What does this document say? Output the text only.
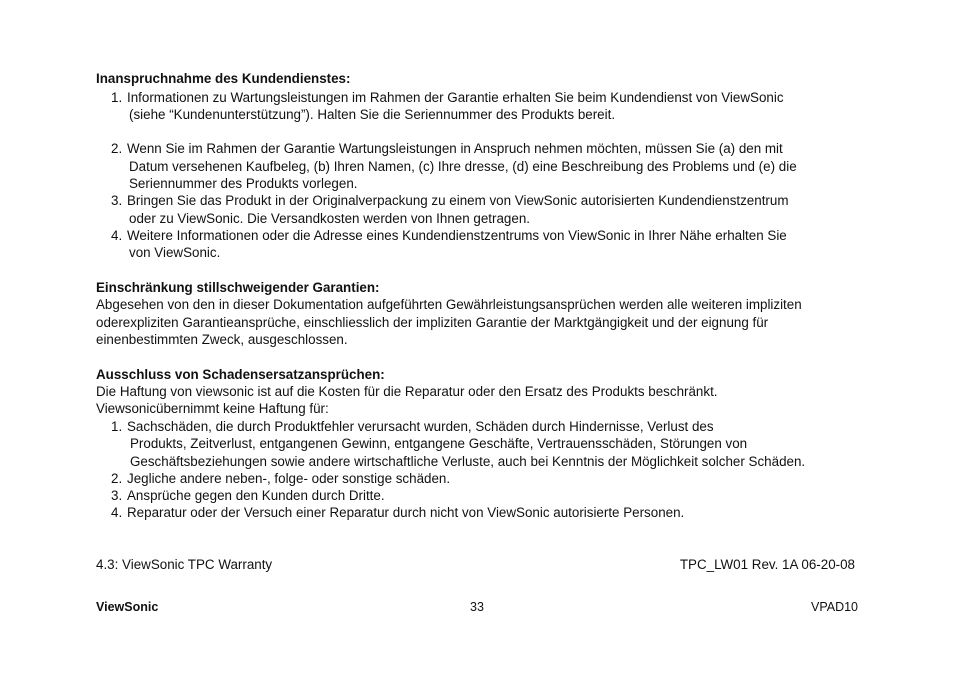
Inanspruchnahme des Kundendienstes:
1. Informationen zu Wartungsleistungen im Rahmen der Garantie erhalten Sie beim Kundendienst von ViewSonic
(siehe “Kundenunterstützung”). Halten Sie die Seriennummer des Produkts bereit.
2. Wenn Sie im Rahmen der Garantie Wartungsleistungen in Anspruch nehmen möchten, müssen Sie (a) den mit
Datum versehenen Kaufbeleg, (b) Ihren Namen, (c) Ihre dresse, (d) eine Beschreibung des Problems und (e) die
Seriennummer des Produkts vorlegen.
3. Bringen Sie das Produkt in der Originalverpackung zu einem von ViewSonic autorisierten Kundendienstzentrum
oder zu ViewSonic. Die Versandkosten werden von Ihnen getragen.
4. Weitere Informationen oder die Adresse eines Kundendienstzentrums von ViewSonic in Ihrer Nähe erhalten Sie
von ViewSonic.
Einschränkung stillschweigender Garantien:
Abgesehen von den in dieser Dokumentation aufgeführten Gewährleistungsansprüchen werden alle weiteren impliziten
oderexpliziten Garantieansprüche, einschliesslich der impliziten Garantie der Marktgängigkeit und der eignung für
einenbestimmten Zweck, ausgeschlossen.
Ausschluss von Schadensersatzansprüchen:
Die Haftung von viewsonic ist auf die Kosten für die Reparatur oder den Ersatz des Produkts beschränkt.
Viewsonicübernimmt keine Haftung für:
1. Sachschäden, die durch Produktfehler verursacht wurden, Schäden durch Hindernisse, Verlust des
Produkts, Zeitverlust, entgangenen Gewinn, entgangene Geschäfte, Vertrauensschäden, Störungen von
Geschäftsbeziehungen sowie andere wirtschaftliche Verluste, auch bei Kenntnis der Möglichkeit solcher Schäden.
2. Jegliche andere neben-, folge- oder sonstige schäden.
3. Ansprüche gegen den Kunden durch Dritte.
4. Reparatur oder der Versuch einer Reparatur durch nicht von ViewSonic autorisierte Personen.
4.3: ViewSonic TPC Warranty	TPC_LW01 Rev. 1A 06-20-08
ViewSonic	33	VPAD10
